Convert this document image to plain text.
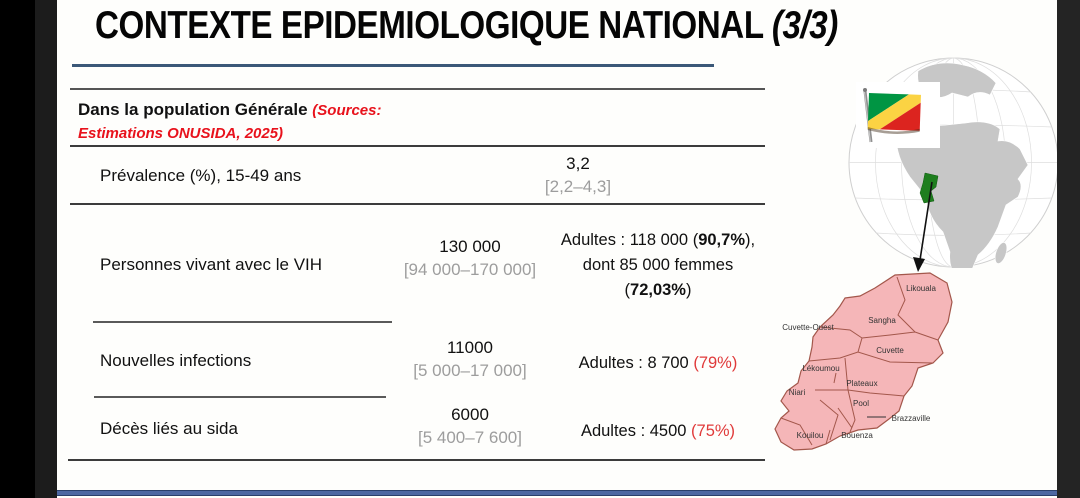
CONTEXTE EPIDEMIOLOGIQUE NATIONAL (3/3)
Dans la population Générale (Sources:
Estimations ONUSIDA, 2025)
Prévalence (%), 15-49 ans
3,2
[2,2–4,3]
Personnes vivant avec le VIH
130 000
[94 000–170 000]
Adultes : 118 000 (90,7%),
dont 85 000 femmes
(72,03%)
Nouvelles infections
11000
[5 000–17 000]	Adultes : 8 700 (79%)
Décès liés au sida
6000
[5 400–7 600]	Adultes : 4500 (75%)
Likouala
Sangha
Cuvette-Ouest
Cuvette
Lékoumou
Plateaux
Niari
Pool
Brazzaville
Kouilou Bouenza
